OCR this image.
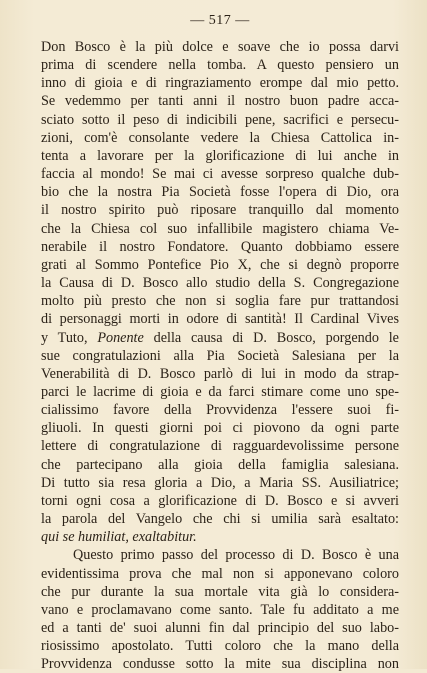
— 517 —
Don Bosco è la più dolce e soave che io possa darvi
prima di scendere nella tomba. A questo pensiero un
inno di gioia e di ringraziamento erompe dal mio petto.
Se vedemmo per tanti anni il nostro buon padre acca-
sciato sotto il peso di indicibili pene, sacrifici e persecu-
zioni, com'è consolante vedere la Chiesa Cattolica in-
tenta a lavorare per la glorificazione di lui anche in
faccia al mondo! Se mai ci avesse sorpreso qualche dub-
bio che la nostra Pia Società fosse l'opera di Dio, ora
il nostro spirito può riposare tranquillo dal momento
che la Chiesa col suo infallibile magistero chiama Ve-
nerabile il nostro Fondatore. Quanto dobbiamo essere
grati al Sommo Pontefice Pio X, che si degnò proporre
la Causa di D. Bosco allo studio della S. Congregazione
molto più presto che non si soglia fare pur trattandosi
di personaggi morti in odore di santità! Il Cardinal Vives
y Tuto, Ponente della causa di D. Bosco, porgendo le
sue congratulazioni alla Pia Società Salesiana per la
Venerabilità di D. Bosco parlò di lui in modo da strap-
parci le lacrime di gioia e da farci stimare come uno spe-
cialissimo favore della Provvidenza l'essere suoi fi-
gliuoli. In questi giorni poi ci piovono da ogni parte
lettere di congratulazione di ragguardevolissime persone
che partecipano alla gioia della famiglia salesiana.
Di tutto sia resa gloria a Dio, a Maria SS. Ausiliatrice;
torni ogni cosa a glorificazione di D. Bosco e si avveri
la parola del Vangelo che chi si umilia sarà esaltato:
qui se humiliat, exaltabitur.
Questo primo passo del processo di D. Bosco è una
evidentissima prova che mal non si apponevano coloro
che pur durante la sua mortale vita già lo considera-
vano e proclamavano come santo. Tale fu additato a me
ed a tanti de' suoi alunni fin dal principio del suo labo-
riosissimo apostolato. Tutti coloro che la mano della
Provvidenza condusse sotto la mite sua disciplina non
